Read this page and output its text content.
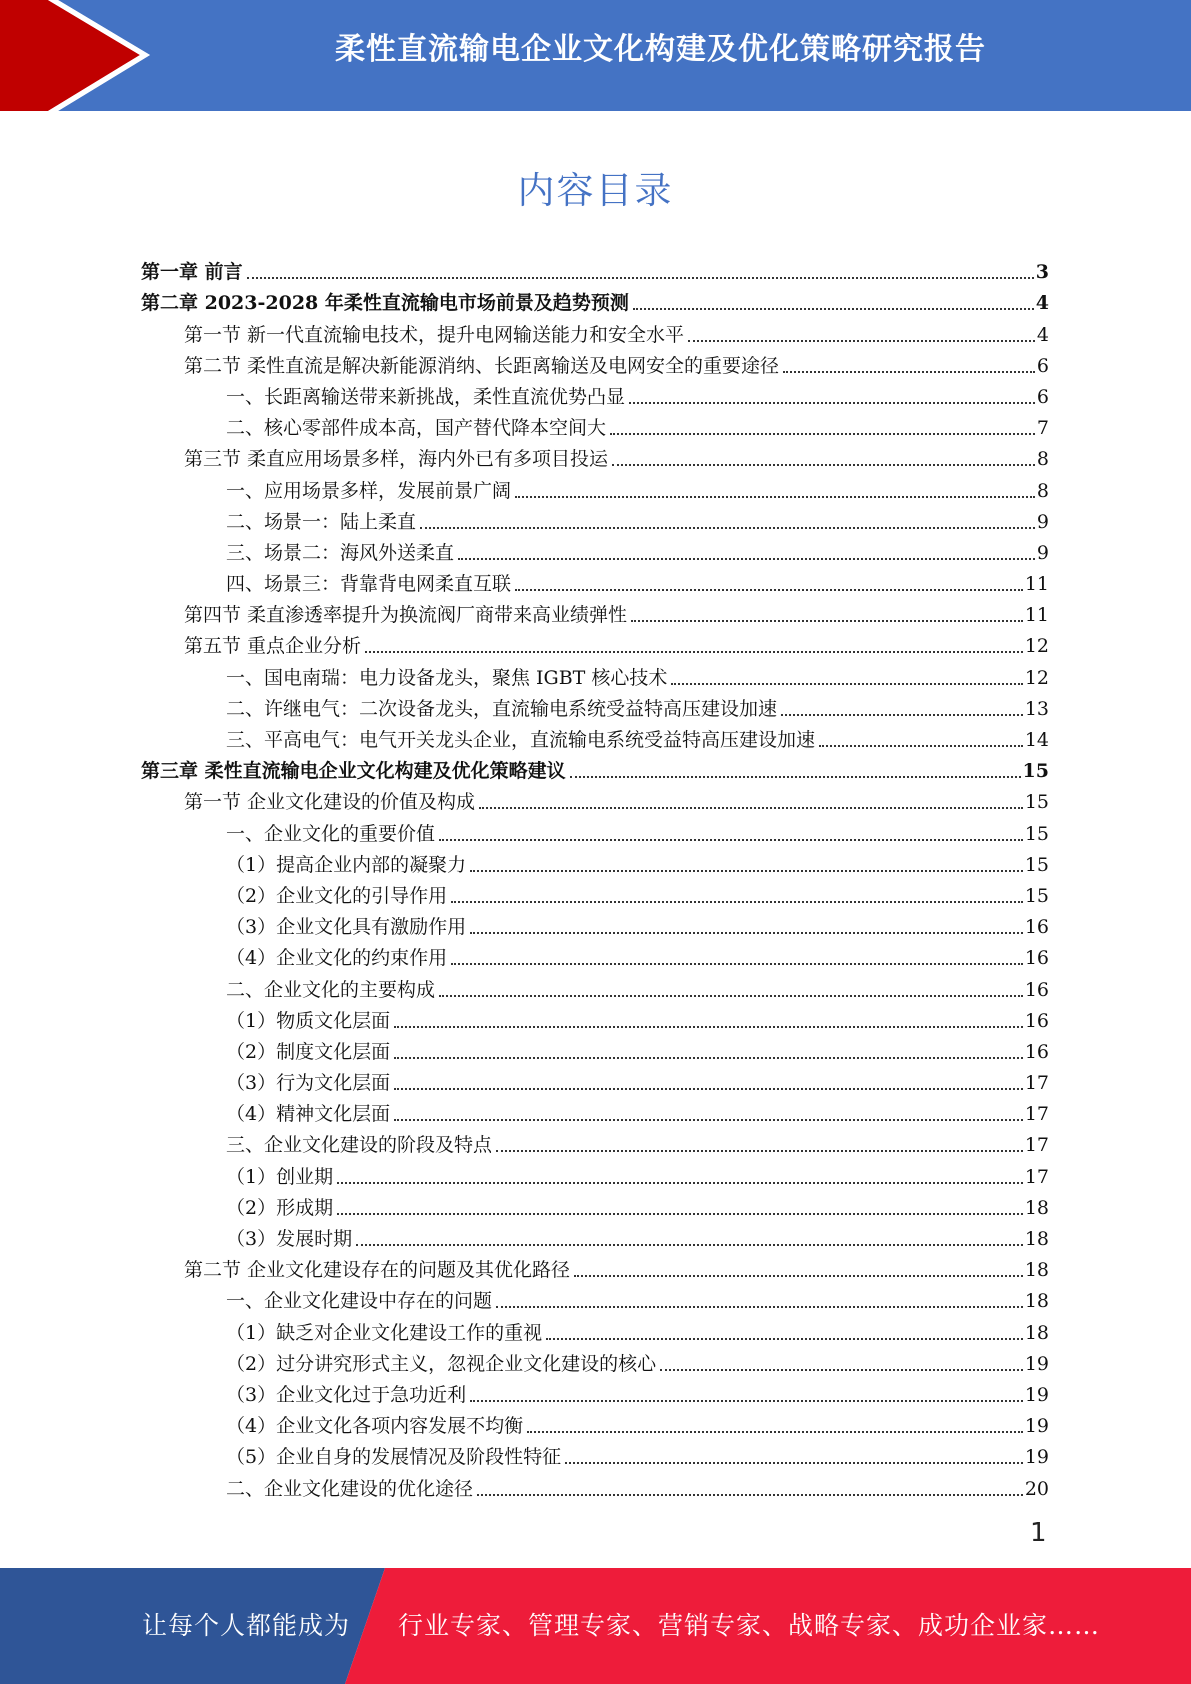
柔性直流输电企业文化构建及优化策略研究报告
内容目录
第一章 前言	3
第二章 2023-2028 年柔性直流输电市场前景及趋势预测	4
第一节 新一代直流输电技术，提升电网输送能力和安全水平	4
第二节 柔性直流是解决新能源消纳、长距离输送及电网安全的重要途径	6
一、长距离输送带来新挑战，柔性直流优势凸显	6
二、核心零部件成本高，国产替代降本空间大	7
第三节 柔直应用场景多样，海内外已有多项目投运	8
一、应用场景多样，发展前景广阔	8
二、场景一：陆上柔直	9
三、场景二：海风外送柔直	9
四、场景三：背靠背电网柔直互联	11
第四节 柔直渗透率提升为换流阀厂商带来高业绩弹性	11
第五节 重点企业分析	12
一、国电南瑞：电力设备龙头，聚焦 IGBT 核心技术	12
二、许继电气：二次设备龙头，直流输电系统受益特高压建设加速	13
三、平高电气：电气开关龙头企业，直流输电系统受益特高压建设加速	14
第三章 柔性直流输电企业文化构建及优化策略建议	15
第一节 企业文化建设的价值及构成	15
一、企业文化的重要价值	15
（1）提高企业内部的凝聚力	15
（2）企业文化的引导作用	15
（3）企业文化具有激励作用	16
（4）企业文化的约束作用	16
二、企业文化的主要构成	16
（1）物质文化层面	16
（2）制度文化层面	16
（3）行为文化层面	17
（4）精神文化层面	17
三、企业文化建设的阶段及特点	17
（1）创业期	17
（2）形成期	18
（3）发展时期	18
第二节 企业文化建设存在的问题及其优化路径	18
一、企业文化建设中存在的问题	18
（1）缺乏对企业文化建设工作的重视	18
（2）过分讲究形式主义，忽视企业文化建设的核心	19
（3）企业文化过于急功近利	19
（4）企业文化各项内容发展不均衡	19
（5）企业自身的发展情况及阶段性特征	19
二、企业文化建设的优化途径	20
1
让每个人都能成为 行业专家、管理专家、营销专家、战略专家、成功企业家……
